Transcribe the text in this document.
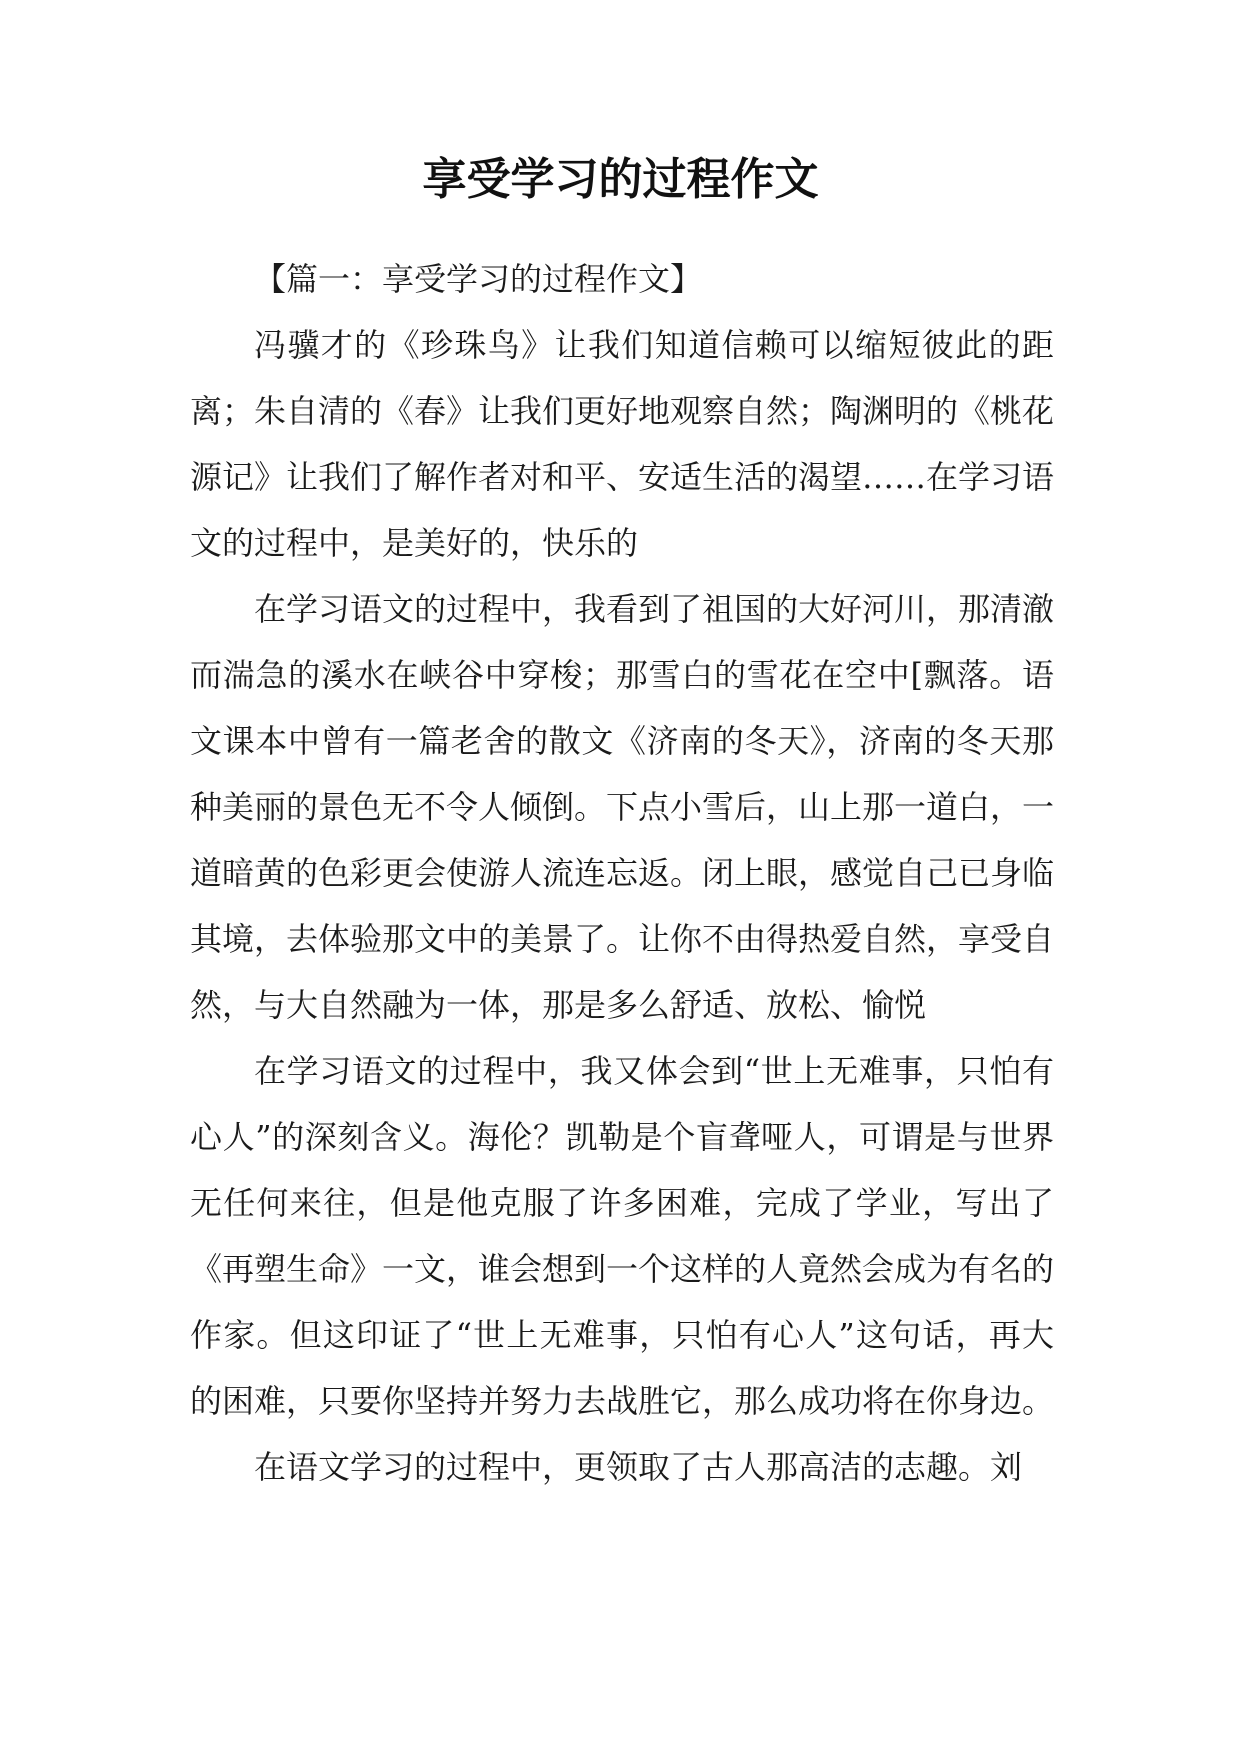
享受学习的过程作文

【篇一：享受学习的过程作文】

冯骥才的《珍珠鸟》让我们知道信赖可以缩短彼此的距离；朱自清的《春》让我们更好地观察自然；陶渊明的《桃花源记》让我们了解作者对和平、安适生活的渴望……在学习语文的过程中，是美好的，快乐的

在学习语文的过程中，我看到了祖国的大好河川，那清澈而湍急的溪水在峡谷中穿梭；那雪白的雪花在空中[飘落。语文课本中曾有一篇老舍的散文《济南的冬天》，济南的冬天那种美丽的景色无不令人倾倒。下点小雪后，山上那一道白，一道暗黄的色彩更会使游人流连忘返。闭上眼，感觉自己已身临其境，去体验那文中的美景了。让你不由得热爱自然，享受自然，与大自然融为一体，那是多么舒适、放松、愉悦

在学习语文的过程中，我又体会到“世上无难事，只怕有心人”的深刻含义。海伦？凯勒是个盲聋哑人，可谓是与世界无任何来往，但是他克服了许多困难，完成了学业，写出了《再塑生命》一文，谁会想到一个这样的人竟然会成为有名的作家。但这印证了“世上无难事，只怕有心人”这句话，再大的困难，只要你坚持并努力去战胜它，那么成功将在你身边。

在语文学习的过程中，更领取了古人那高洁的志趣。刘
